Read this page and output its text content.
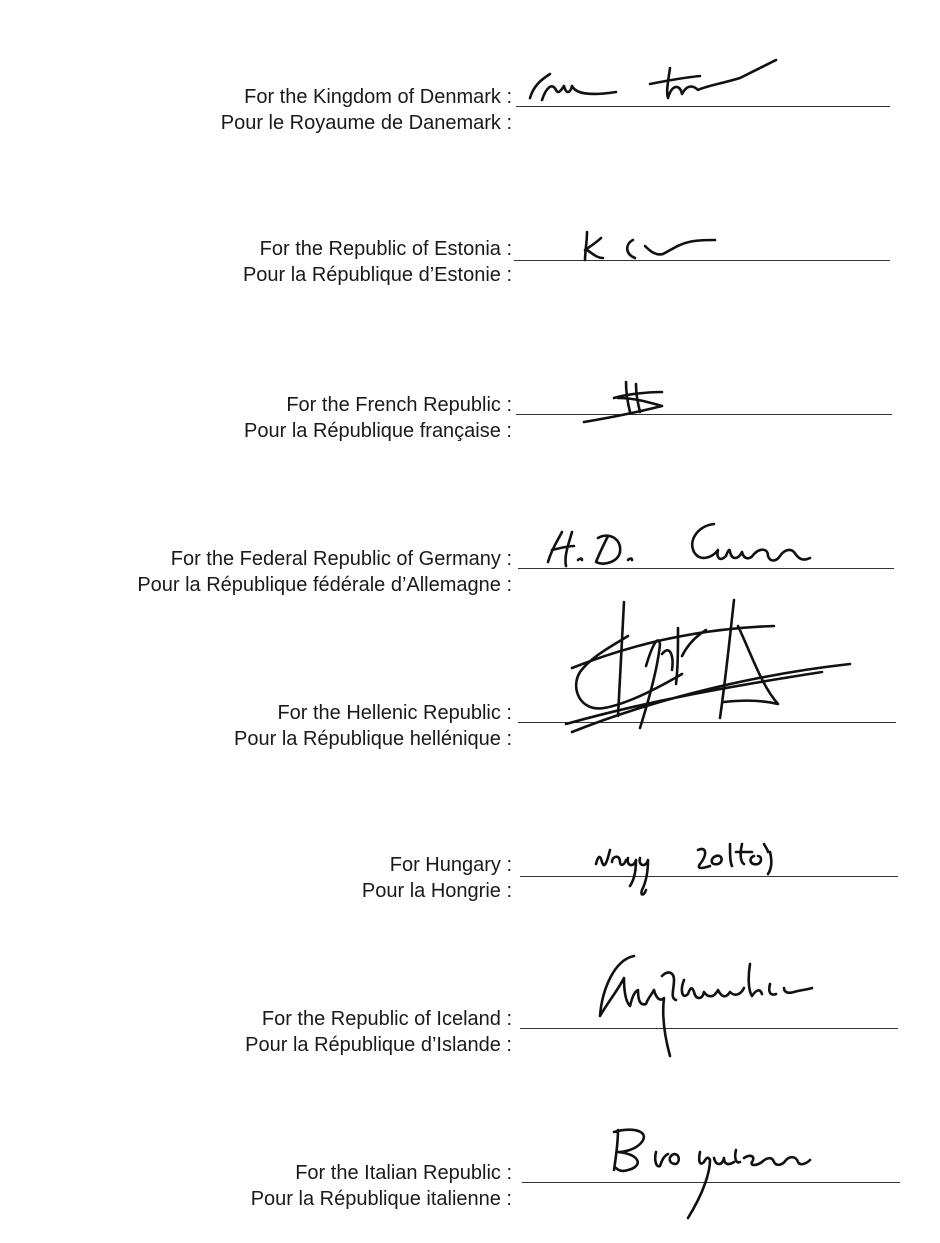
For the Kingdom of Denmark :
Pour le Royaume de Danemark :
For the Republic of Estonia :
Pour la République d’Estonie :
For the French Republic :
Pour la République française :
For the Federal Republic of Germany :
Pour la République fédérale d’Allemagne :
For the Hellenic Republic :
Pour la République hellénique :
For Hungary :
Pour la Hongrie :
For the Republic of Iceland :
Pour la République d’Islande :
For the Italian Republic :
Pour la République italienne :
